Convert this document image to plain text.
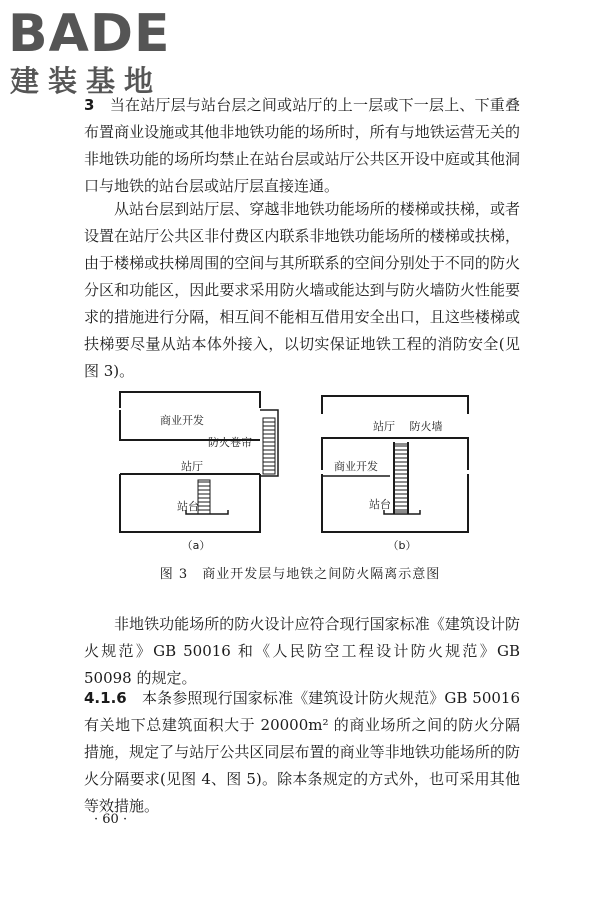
BADE
建装基地

3　 当在站厅层与站台层之间或站厅的上一层或下一层上、下重叠布置商业设施或其他非地铁功能的场所时，所有与地铁运营无关的非地铁功能的场所均禁止在站台层或站厅公共区开设中庭或其他洞口与地铁的站台层或站厅层直接连通。

从站台层到站厅层、穿越非地铁功能场所的楼梯或扶梯，或者设置在站厅公共区非付费区内联系非地铁功能场所的楼梯或扶梯，由于楼梯或扶梯周围的空间与其所联系的空间分别处于不同的防火分区和功能区，因此要求采用防火墙或能达到与防火墙防火性能要求的措施进行分隔，相互间不能相互借用安全出口，且这些楼梯或扶梯要尽量从站本体外接入，以切实保证地铁工程的消防安全(见图 3)。

商业开发
防火卷帘
站厅
站台
（a）
站厅 防火墙
商业开发
站台
（b）
图 3　商业开发层与地铁之间防火隔离示意图

非地铁功能场所的防火设计应符合现行国家标准《建筑设计防火规范》GB 50016 和《人民防空工程设计防火规范》GB 50098 的规定。

4.1.6　 本条参照现行国家标准《建筑设计防火规范》GB 50016 有关地下总建筑面积大于 20000m² 的商业场所之间的防火分隔措施，规定了与站厅公共区同层布置的商业等非地铁功能场所的防火分隔要求(见图 4、图 5)。除本条规定的方式外，也可采用其他等效措施。

· 60 ·
